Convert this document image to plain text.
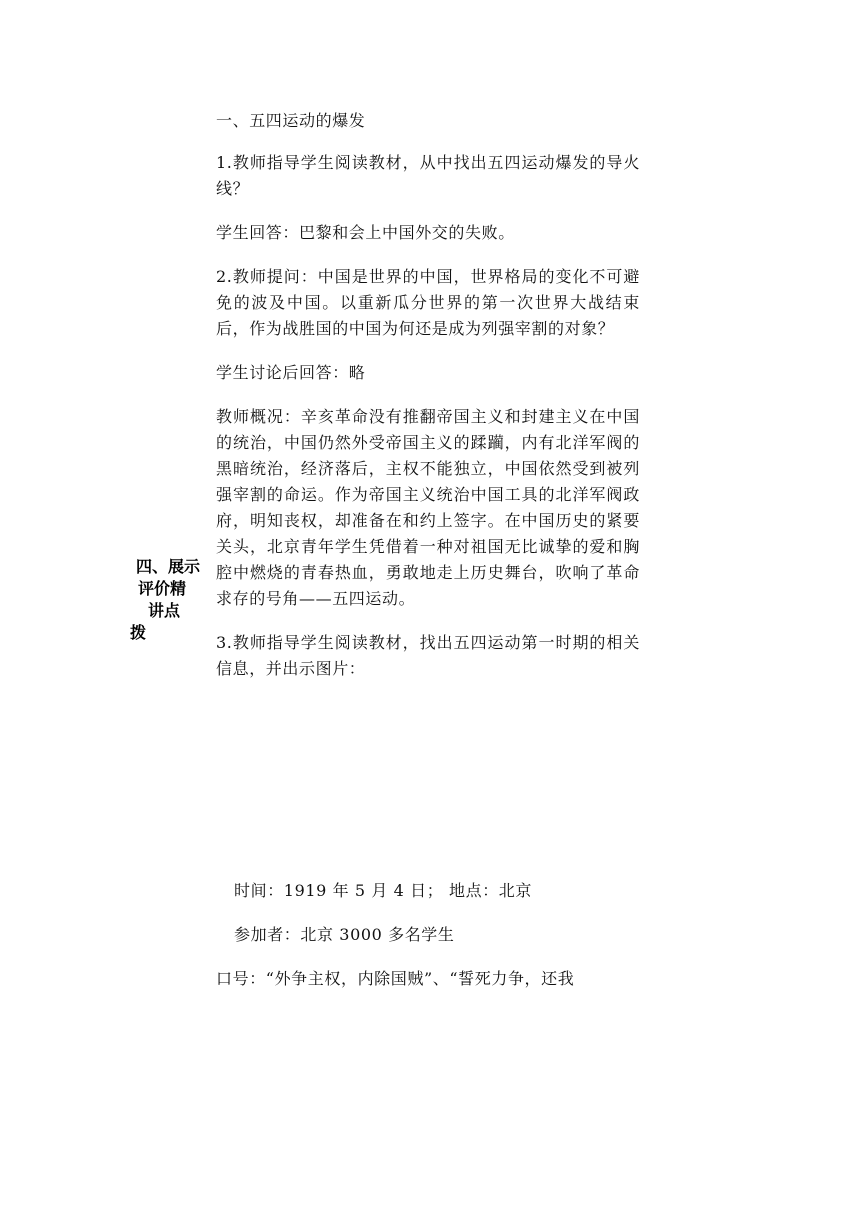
四、展示
评价精
讲点
拨

一、五四运动的爆发

1.教师指导学生阅读教材，从中找出五四运动爆发的导火线？

学生回答：巴黎和会上中国外交的失败。

2.教师提问：中国是世界的中国，世界格局的变化不可避免的波及中国。以重新瓜分世界的第一次世界大战结束后，作为战胜国的中国为何还是成为列强宰割的对象？

学生讨论后回答：略

教师概况：辛亥革命没有推翻帝国主义和封建主义在中国的统治，中国仍然外受帝国主义的蹂躏，内有北洋军阀的黑暗统治，经济落后，主权不能独立，中国依然受到被列强宰割的命运。作为帝国主义统治中国工具的北洋军阀政府，明知丧权，却准备在和约上签字。在中国历史的紧要关头，北京青年学生凭借着一种对祖国无比诚挚的爱和胸腔中燃烧的青春热血，勇敢地走上历史舞台，吹响了革命求存的号角——五四运动。

3.教师指导学生阅读教材，找出五四运动第一时期的相关信息，并出示图片：

时间：1919 年 5 月 4 日； 地点：北京

参加者：北京 3000 多名学生

口号：“外争主权，内除国贼”、“誓死力争，还我
